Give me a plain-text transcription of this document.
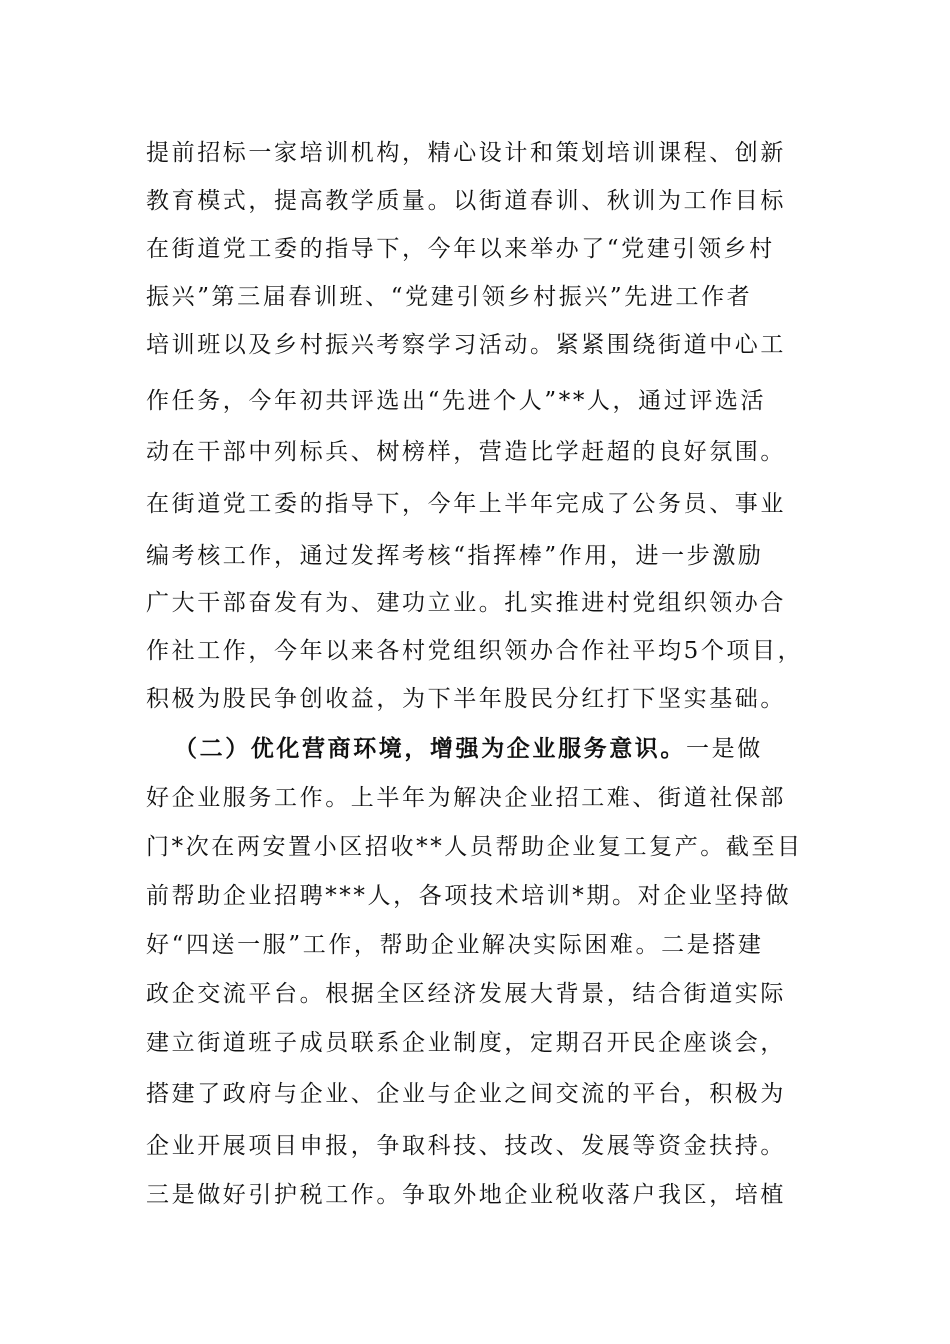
提前招标一家培训机构，精心设计和策划培训课程、创新
教育模式，提高教学质量。以街道春训、秋训为工作目标
在街道党工委的指导下，今年以来举办了“党建引领乡村
振兴”第三届春训班、“党建引领乡村振兴”先进工作者
培训班以及乡村振兴考察学习活动。紧紧围绕街道中心工
作任务，今年初共评选出“先进个人”**人，通过评选活
动在干部中列标兵、树榜样，营造比学赶超的良好氛围。
在街道党工委的指导下，今年上半年完成了公务员、事业
编考核工作，通过发挥考核“指挥棒”作用，进一步激励
广大干部奋发有为、建功立业。扎实推进村党组织领办合
作社工作，今年以来各村党组织领办合作社平均5个项目，
积极为股民争创收益，为下半年股民分红打下坚实基础。
（二）优化营商环境，增强为企业服务意识。一是做
好企业服务工作。上半年为解决企业招工难、街道社保部
门*次在两安置小区招收**人员帮助企业复工复产。截至目
前帮助企业招聘***人，各项技术培训*期。对企业坚持做
好“四送一服”工作，帮助企业解决实际困难。二是搭建
政企交流平台。根据全区经济发展大背景，结合街道实际
建立街道班子成员联系企业制度，定期召开民企座谈会，
搭建了政府与企业、企业与企业之间交流的平台，积极为
企业开展项目申报，争取科技、技改、发展等资金扶持。
三是做好引护税工作。争取外地企业税收落户我区，培植
